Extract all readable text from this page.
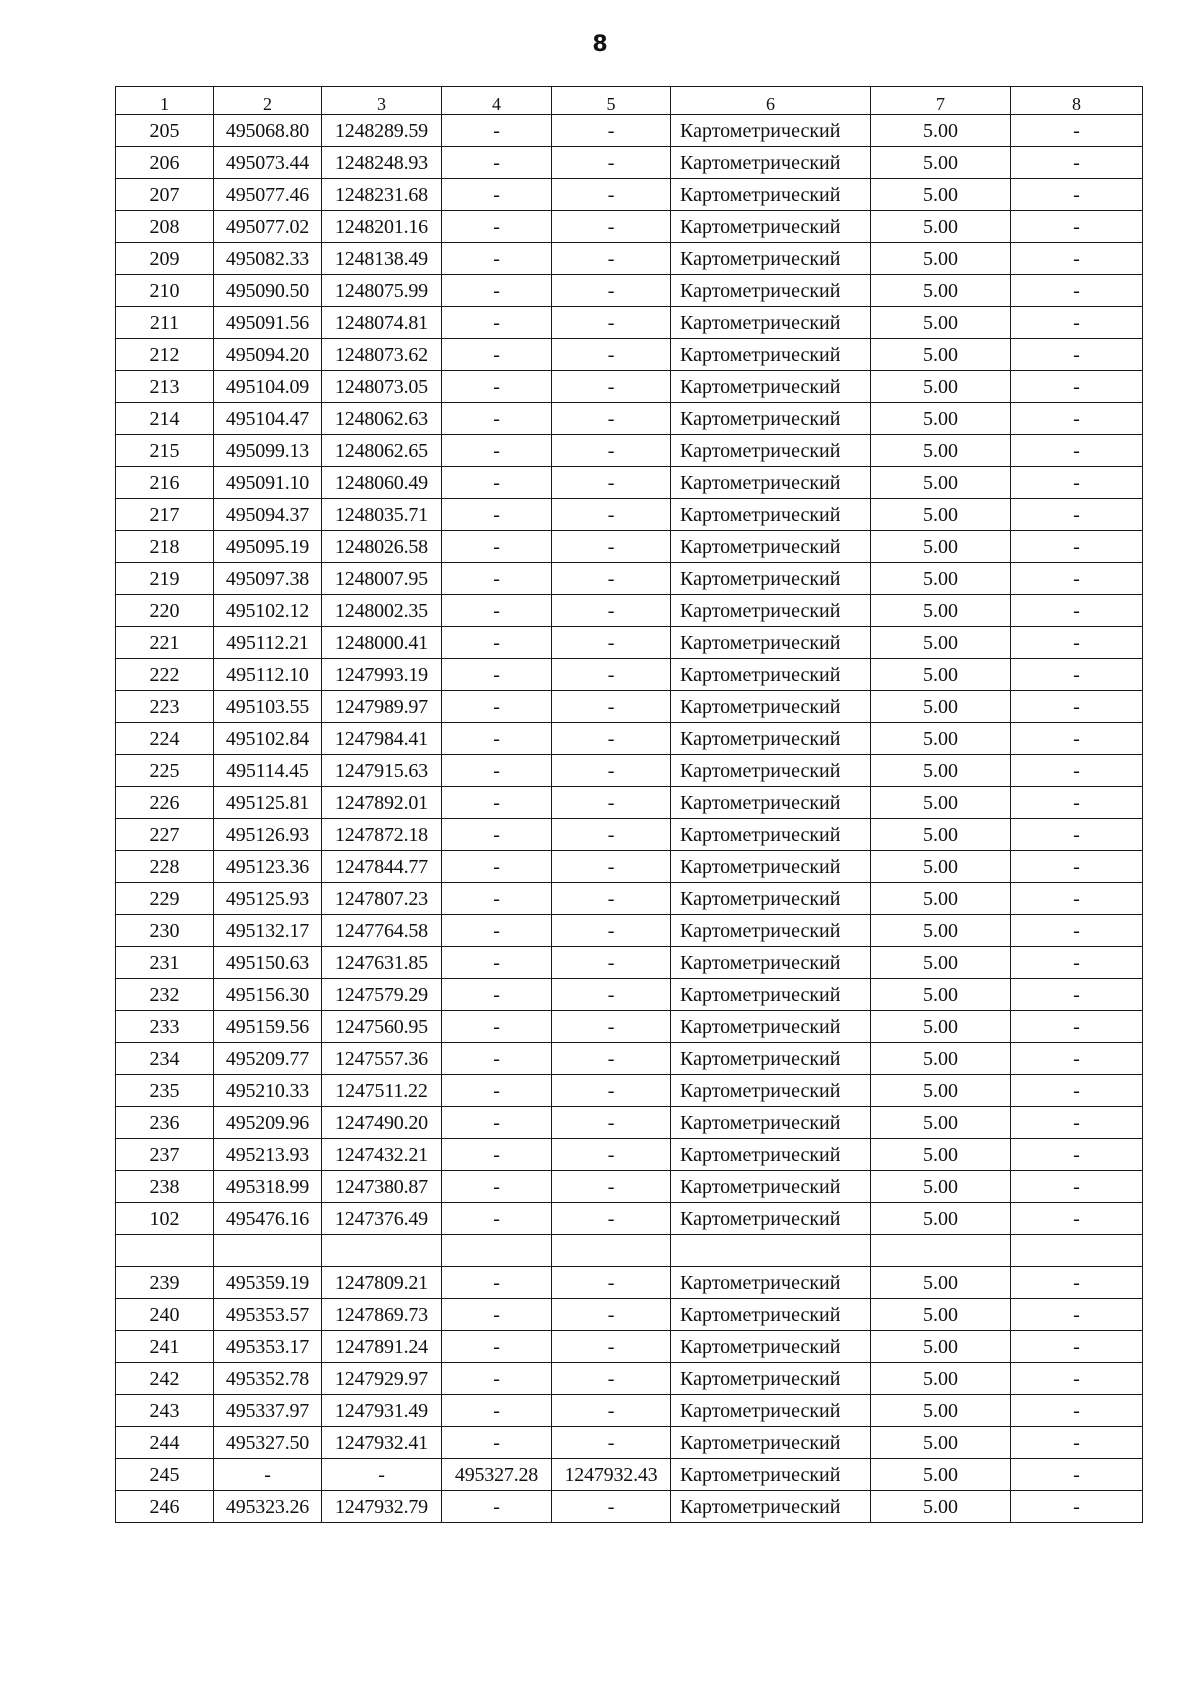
8
1	2	3	4	5	6	7	8
205	495068.80	1248289.59	-	-	Картометрический	5.00	-
206	495073.44	1248248.93	-	-	Картометрический	5.00	-
207	495077.46	1248231.68	-	-	Картометрический	5.00	-
208	495077.02	1248201.16	-	-	Картометрический	5.00	-
209	495082.33	1248138.49	-	-	Картометрический	5.00	-
210	495090.50	1248075.99	-	-	Картометрический	5.00	-
211	495091.56	1248074.81	-	-	Картометрический	5.00	-
212	495094.20	1248073.62	-	-	Картометрический	5.00	-
213	495104.09	1248073.05	-	-	Картометрический	5.00	-
214	495104.47	1248062.63	-	-	Картометрический	5.00	-
215	495099.13	1248062.65	-	-	Картометрический	5.00	-
216	495091.10	1248060.49	-	-	Картометрический	5.00	-
217	495094.37	1248035.71	-	-	Картометрический	5.00	-
218	495095.19	1248026.58	-	-	Картометрический	5.00	-
219	495097.38	1248007.95	-	-	Картометрический	5.00	-
220	495102.12	1248002.35	-	-	Картометрический	5.00	-
221	495112.21	1248000.41	-	-	Картометрический	5.00	-
222	495112.10	1247993.19	-	-	Картометрический	5.00	-
223	495103.55	1247989.97	-	-	Картометрический	5.00	-
224	495102.84	1247984.41	-	-	Картометрический	5.00	-
225	495114.45	1247915.63	-	-	Картометрический	5.00	-
226	495125.81	1247892.01	-	-	Картометрический	5.00	-
227	495126.93	1247872.18	-	-	Картометрический	5.00	-
228	495123.36	1247844.77	-	-	Картометрический	5.00	-
229	495125.93	1247807.23	-	-	Картометрический	5.00	-
230	495132.17	1247764.58	-	-	Картометрический	5.00	-
231	495150.63	1247631.85	-	-	Картометрический	5.00	-
232	495156.30	1247579.29	-	-	Картометрический	5.00	-
233	495159.56	1247560.95	-	-	Картометрический	5.00	-
234	495209.77	1247557.36	-	-	Картометрический	5.00	-
235	495210.33	1247511.22	-	-	Картометрический	5.00	-
236	495209.96	1247490.20	-	-	Картометрический	5.00	-
237	495213.93	1247432.21	-	-	Картометрический	5.00	-
238	495318.99	1247380.87	-	-	Картометрический	5.00	-
102	495476.16	1247376.49	-	-	Картометрический	5.00	-

239	495359.19	1247809.21	-	-	Картометрический	5.00	-
240	495353.57	1247869.73	-	-	Картометрический	5.00	-
241	495353.17	1247891.24	-	-	Картометрический	5.00	-
242	495352.78	1247929.97	-	-	Картометрический	5.00	-
243	495337.97	1247931.49	-	-	Картометрический	5.00	-
244	495327.50	1247932.41	-	-	Картометрический	5.00	-
245	-	-	495327.28	1247932.43	Картометрический	5.00	-
246	495323.26	1247932.79	-	-	Картометрический	5.00	-
